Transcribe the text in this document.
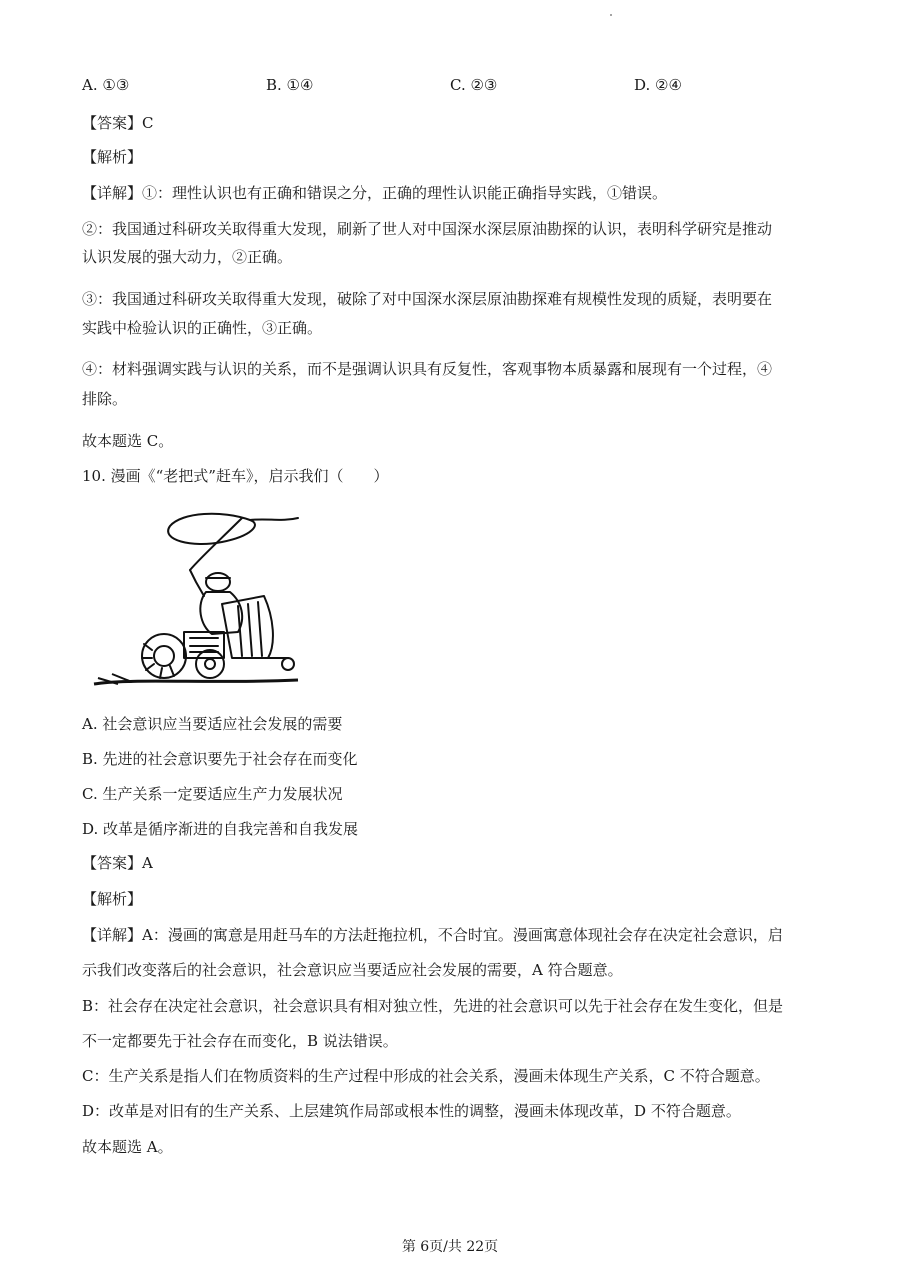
A. ①③	B. ①④	C. ②③	D. ②④
【答案】C
【解析】
【详解】①：理性认识也有正确和错误之分，正确的理性认识能正确指导实践，①错误。
②：我国通过科研攻关取得重大发现，刷新了世人对中国深水深层原油勘探的认识，表明科学研究是推动
认识发展的强大动力，②正确。
③：我国通过科研攻关取得重大发现，破除了对中国深水深层原油勘探难有规模性发现的质疑，表明要在
实践中检验认识的正确性，③正确。
④：材料强调实践与认识的关系，而不是强调认识具有反复性，客观事物本质暴露和展现有一个过程，④
排除。
故本题选 C。
10. 漫画《“老把式”赶车》，启示我们（　　）
A. 社会意识应当要适应社会发展的需要
B. 先进的社会意识要先于社会存在而变化
C. 生产关系一定要适应生产力发展状况
D. 改革是循序渐进的自我完善和自我发展
【答案】A
【解析】
【详解】A：漫画的寓意是用赶马车的方法赶拖拉机，不合时宜。漫画寓意体现社会存在决定社会意识，启
示我们改变落后的社会意识，社会意识应当要适应社会发展的需要，A 符合题意。
B：社会存在决定社会意识，社会意识具有相对独立性，先进的社会意识可以先于社会存在发生变化，但是
不一定都要先于社会存在而变化，B 说法错误。
C：生产关系是指人们在物质资料的生产过程中形成的社会关系，漫画未体现生产关系，C 不符合题意。
D：改革是对旧有的生产关系、上层建筑作局部或根本性的调整，漫画未体现改革，D 不符合题意。
故本题选 A。
第 6页/共 22页
